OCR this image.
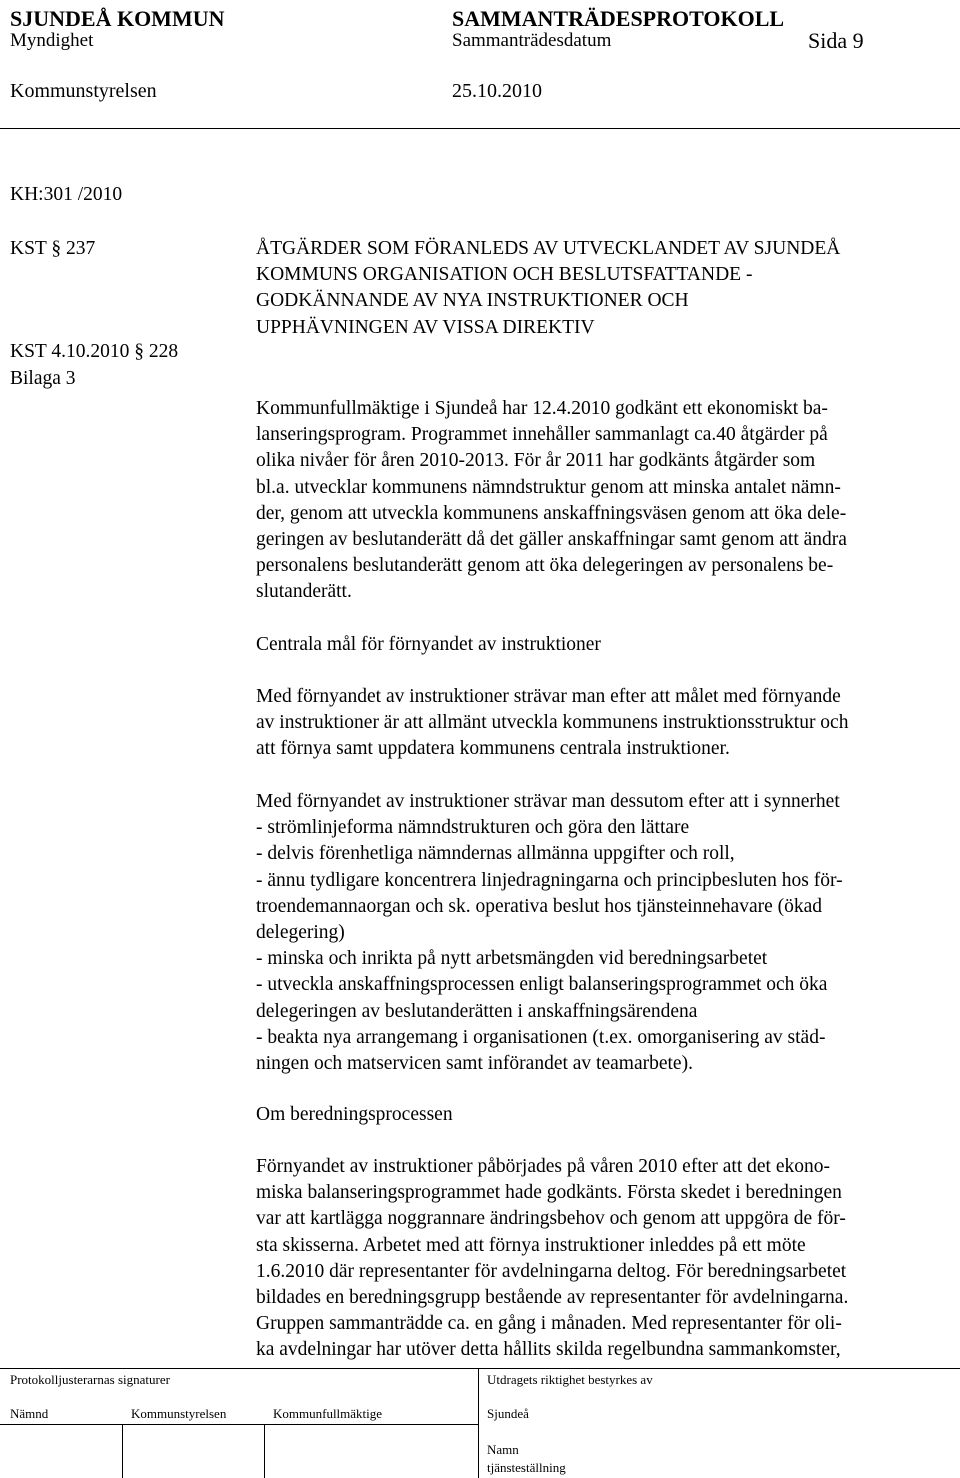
SJUNDEÅ KOMMUN	SAMMANTRÄDESPROTOKOLL
Myndighet	Sammanträdesdatum	Sida 9
Kommunstyrelsen	25.10.2010
KH:301 /2010
KST § 237
KST 4.10.2010 § 228
Bilaga 3
ÅTGÄRDER SOM FÖRANLEDS AV UTVECKLANDET AV SJUNDEÅ
KOMMUNS ORGANISATION OCH BESLUTSFATTANDE -
GODKÄNNANDE AV NYA INSTRUKTIONER OCH
UPPHÄVNINGEN AV VISSA DIREKTIV
Kommunfullmäktige i Sjundeå har 12.4.2010 godkänt ett ekonomiskt ba-
lanseringsprogram. Programmet innehåller sammanlagt ca.40 åtgärder på
olika nivåer för åren 2010-2013. För år 2011 har godkänts åtgärder som
bl.a. utvecklar kommunens nämndstruktur genom att minska antalet nämn-
der, genom att utveckla kommunens anskaffningsväsen genom att öka dele-
geringen av beslutanderätt då det gäller anskaffningar samt genom att ändra
personalens beslutanderätt genom att öka delegeringen av personalens be-
slutanderätt.
Centrala mål för förnyandet av instruktioner
Med förnyandet av instruktioner strävar man efter att målet med förnyande
av instruktioner är att allmänt utveckla kommunens instruktionsstruktur och
att förnya samt uppdatera kommunens centrala instruktioner.
Med förnyandet av instruktioner strävar man dessutom efter att i synnerhet
- strömlinjeforma nämndstrukturen och göra den lättare
- delvis förenhetliga nämndernas allmänna uppgifter och roll,
- ännu tydligare koncentrera linjedragningarna och principbesluten hos för-
troendemannaorgan och sk. operativa beslut hos tjänsteinnehavare (ökad
delegering)
- minska och inrikta på nytt arbetsmängden vid beredningsarbetet
- utveckla anskaffningsprocessen enligt balanseringsprogrammet och öka
delegeringen av beslutanderätten i anskaffningsärendena
- beakta nya arrangemang i organisationen (t.ex. omorganisering av städ-
ningen och matservicen samt införandet av teamarbete).
Om beredningsprocessen
Förnyandet av instruktioner påbörjades på våren 2010 efter att det ekono-
miska balanseringsprogrammet hade godkänts. Första skedet i beredningen
var att kartlägga noggrannare ändringsbehov och genom att uppgöra de för-
sta skisserna. Arbetet med att förnya instruktioner inleddes på ett möte
1.6.2010 där representanter för avdelningarna deltog. För beredningsarbetet
bildades en beredningsgrupp bestående av representanter för avdelningarna.
Gruppen sammanträdde ca. en gång i månaden. Med representanter för oli-
ka avdelningar har utöver detta hållits skilda regelbundna sammankomster,
Protokolljusterarnas signaturer	Utdragets riktighet bestyrkes av
Nämnd	Kommunstyrelsen	Kommunfullmäktige	Sjundeå
Namn
tjänsteställning
